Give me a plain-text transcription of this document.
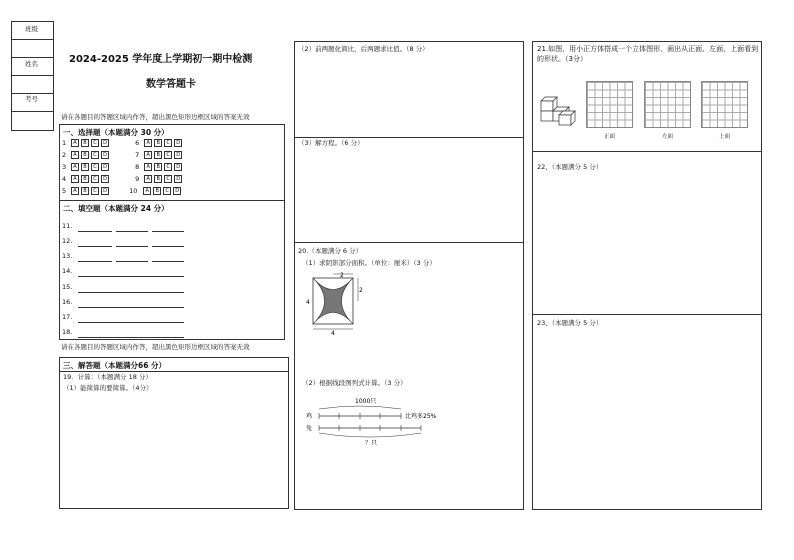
班级
姓名
考号
2024-2025 学年度上学期初一期中检测
数学答题卡
请在各题目的答题区域内作答，超出黑色矩形边框区域的答案无效
一、选择题（本题满分 30 分）
1 A B C D	6 A B C D
2 A B C D	7 A B C D
3 A B C D	8 A B C D
4 A B C D	9 A B C D
5 A B C D	10 A B C D
二、填空题（本题满分 24 分）
11.
12.
13.
14.
15.
16.
17.
18.
请在各题目的答题区域内作答，超出黑色矩形边框区域的答案无效
三、解答题（本题满分66 分）
19．计算：（本题满分 18 分）
（1）能简算的要简算。（4分）
（2）前两题化简比，后两题求比值。（8 分）
（3）解方程。（6 分）
20.（本题满分 6 分）
（1）求阴影部分面积。（单位：厘米）（3 分）
2
2
4
4
（2）根据线段图列式计算。（3 分）
1000只
鸡	比鸡多25%
兔
？只
21.如图，用小正方体搭成一个立体图形，画出从正面、左面、上面看到的形状。（3分）
正面	左面	上面
22、（本题满分 5 分）
23、（本题满分 5 分）
